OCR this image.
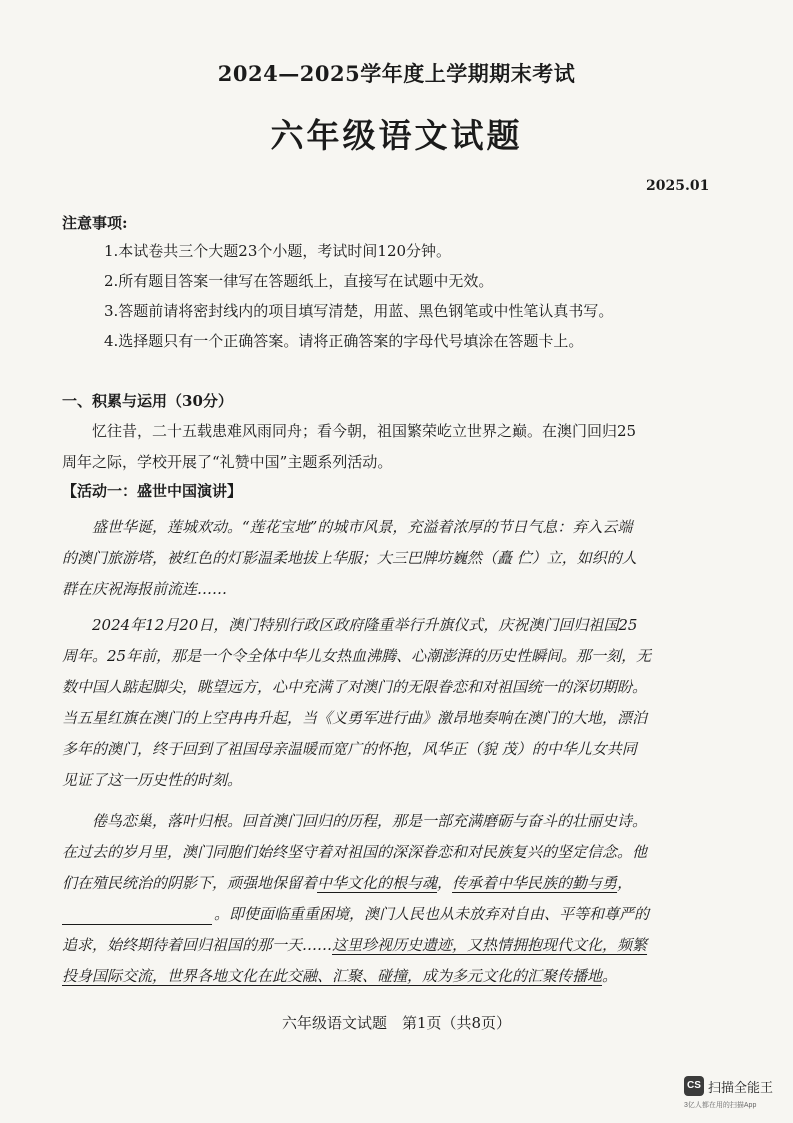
2024—2025学年度上学期期末考试
六年级语文试题
2025.01
注意事项:
1.本试卷共三个大题23个小题，考试时间120分钟。
2.所有题目答案一律写在答题纸上，直接写在试题中无效。
3.答题前请将密封线内的项目填写清楚，用蓝、黑色钢笔或中性笔认真书写。
4.选择题只有一个正确答案。请将正确答案的字母代号填涂在答题卡上。
一、积累与运用（30分）
忆往昔，二十五载患难风雨同舟；看今朝，祖国繁荣屹立世界之巅。在澳门回归25
周年之际，学校开展了“礼赞中国”主题系列活动。
【活动一：盛世中国演讲】
盛世华诞，莲城欢动。“莲花宝地”的城市风景，充溢着浓厚的节日气息：弃入云端
的澳门旅游塔，被红色的灯影温柔地拔上华服；大三巴牌坊巍然（矗 伫）立，如织的人
群在庆祝海报前流连……
2024年12月20日，澳门特别行政区政府隆重举行升旗仪式，庆祝澳门回归祖国25
周年。25年前，那是一个令全体中华儿女热血沸腾、心潮澎湃的历史性瞬间。那一刻，无
数中国人踮起脚尖，眺望远方，心中充满了对澳门的无限眷恋和对祖国统一的深切期盼。
当五星红旗在澳门的上空冉冉升起，当《义勇军进行曲》激昂地奏响在澳门的大地，漂泊
多年的澳门，终于回到了祖国母亲温暖而宽广的怀抱，风华正（貌 茂）的中华儿女共同
见证了这一历史性的时刻。
倦鸟恋巢，落叶归根。回首澳门回归的历程，那是一部充满磨砺与奋斗的壮丽史诗。
在过去的岁月里，澳门同胞们始终坚守着对祖国的深深眷恋和对民族复兴的坚定信念。他
们在殖民统治的阴影下，顽强地保留着中华文化的根与魂，传承着中华民族的勤与勇，
。即使面临重重困境，澳门人民也从未放弃对自由、平等和尊严的
追求，始终期待着回归祖国的那一天……这里珍视历史遗迹，又热情拥抱现代文化，频繁
投身国际交流，世界各地文化在此交融、汇聚、碰撞，成为多元文化的汇聚传播地。
六年级语文试题　第1页（共8页）
CS 扫描全能王
3亿人都在用的扫描App
